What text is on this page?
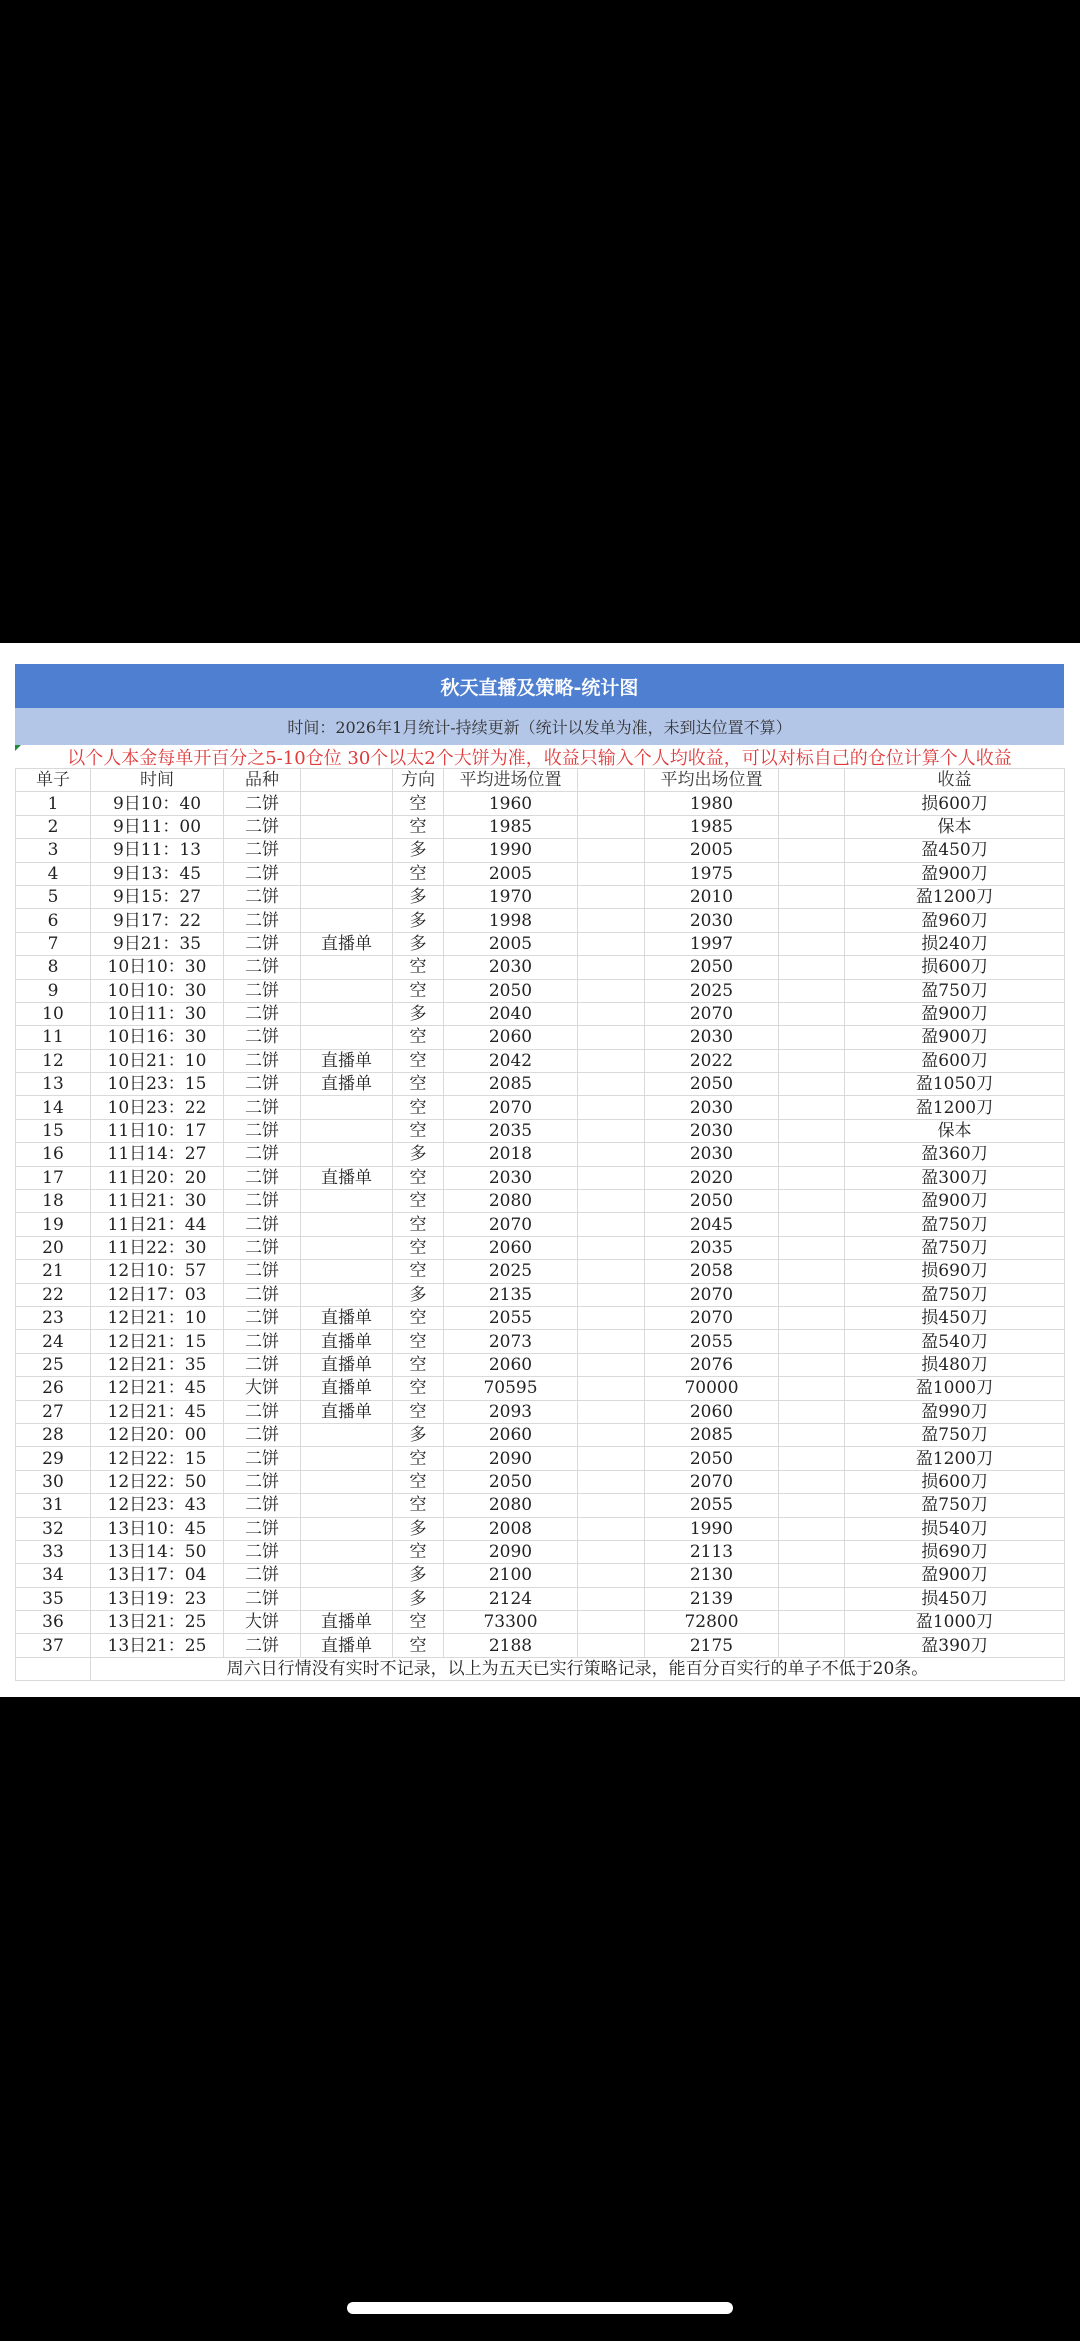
秋天直播及策略-统计图
时间：2026年1月统计-持续更新（统计以发单为准，未到达位置不算）
以个人本金每单开百分之5-10仓位 30个以太2个大饼为准，收益只输入个人均收益，可以对标自己的仓位计算个人收益
单子	时间	品种		方向	平均进场位置		平均出场位置		收益
1	9日10：40	二饼		空	1960		1980		损600刀
2	9日11：00	二饼		空	1985		1985		保本
3	9日11：13	二饼		多	1990		2005		盈450刀
4	9日13：45	二饼		空	2005		1975		盈900刀
5	9日15：27	二饼		多	1970		2010		盈1200刀
6	9日17：22	二饼		多	1998		2030		盈960刀
7	9日21：35	二饼	直播单	多	2005		1997		损240刀
8	10日10：30	二饼		空	2030		2050		损600刀
9	10日10：30	二饼		空	2050		2025		盈750刀
10	10日11：30	二饼		多	2040		2070		盈900刀
11	10日16：30	二饼		空	2060		2030		盈900刀
12	10日21：10	二饼	直播单	空	2042		2022		盈600刀
13	10日23：15	二饼	直播单	空	2085		2050		盈1050刀
14	10日23：22	二饼		空	2070		2030		盈1200刀
15	11日10：17	二饼		空	2035		2030		保本
16	11日14：27	二饼		多	2018		2030		盈360刀
17	11日20：20	二饼	直播单	空	2030		2020		盈300刀
18	11日21：30	二饼		空	2080		2050		盈900刀
19	11日21：44	二饼		空	2070		2045		盈750刀
20	11日22：30	二饼		空	2060		2035		盈750刀
21	12日10：57	二饼		空	2025		2058		损690刀
22	12日17：03	二饼		多	2135		2070		盈750刀
23	12日21：10	二饼	直播单	空	2055		2070		损450刀
24	12日21：15	二饼	直播单	空	2073		2055		盈540刀
25	12日21：35	二饼	直播单	空	2060		2076		损480刀
26	12日21：45	大饼	直播单	空	70595		70000		盈1000刀
27	12日21：45	二饼	直播单	空	2093		2060		盈990刀
28	12日20：00	二饼		多	2060		2085		盈750刀
29	12日22：15	二饼		空	2090		2050		盈1200刀
30	12日22：50	二饼		空	2050		2070		损600刀
31	12日23：43	二饼		空	2080		2055		盈750刀
32	13日10：45	二饼		多	2008		1990		损540刀
33	13日14：50	二饼		空	2090		2113		损690刀
34	13日17：04	二饼		多	2100		2130		盈900刀
35	13日19：23	二饼		多	2124		2139		损450刀
36	13日21：25	大饼	直播单	空	73300		72800		盈1000刀
37	13日21：25	二饼	直播单	空	2188		2175		盈390刀
	周六日行情没有实时不记录，以上为五天已实行策略记录，能百分百实行的单子不低于20条。								
